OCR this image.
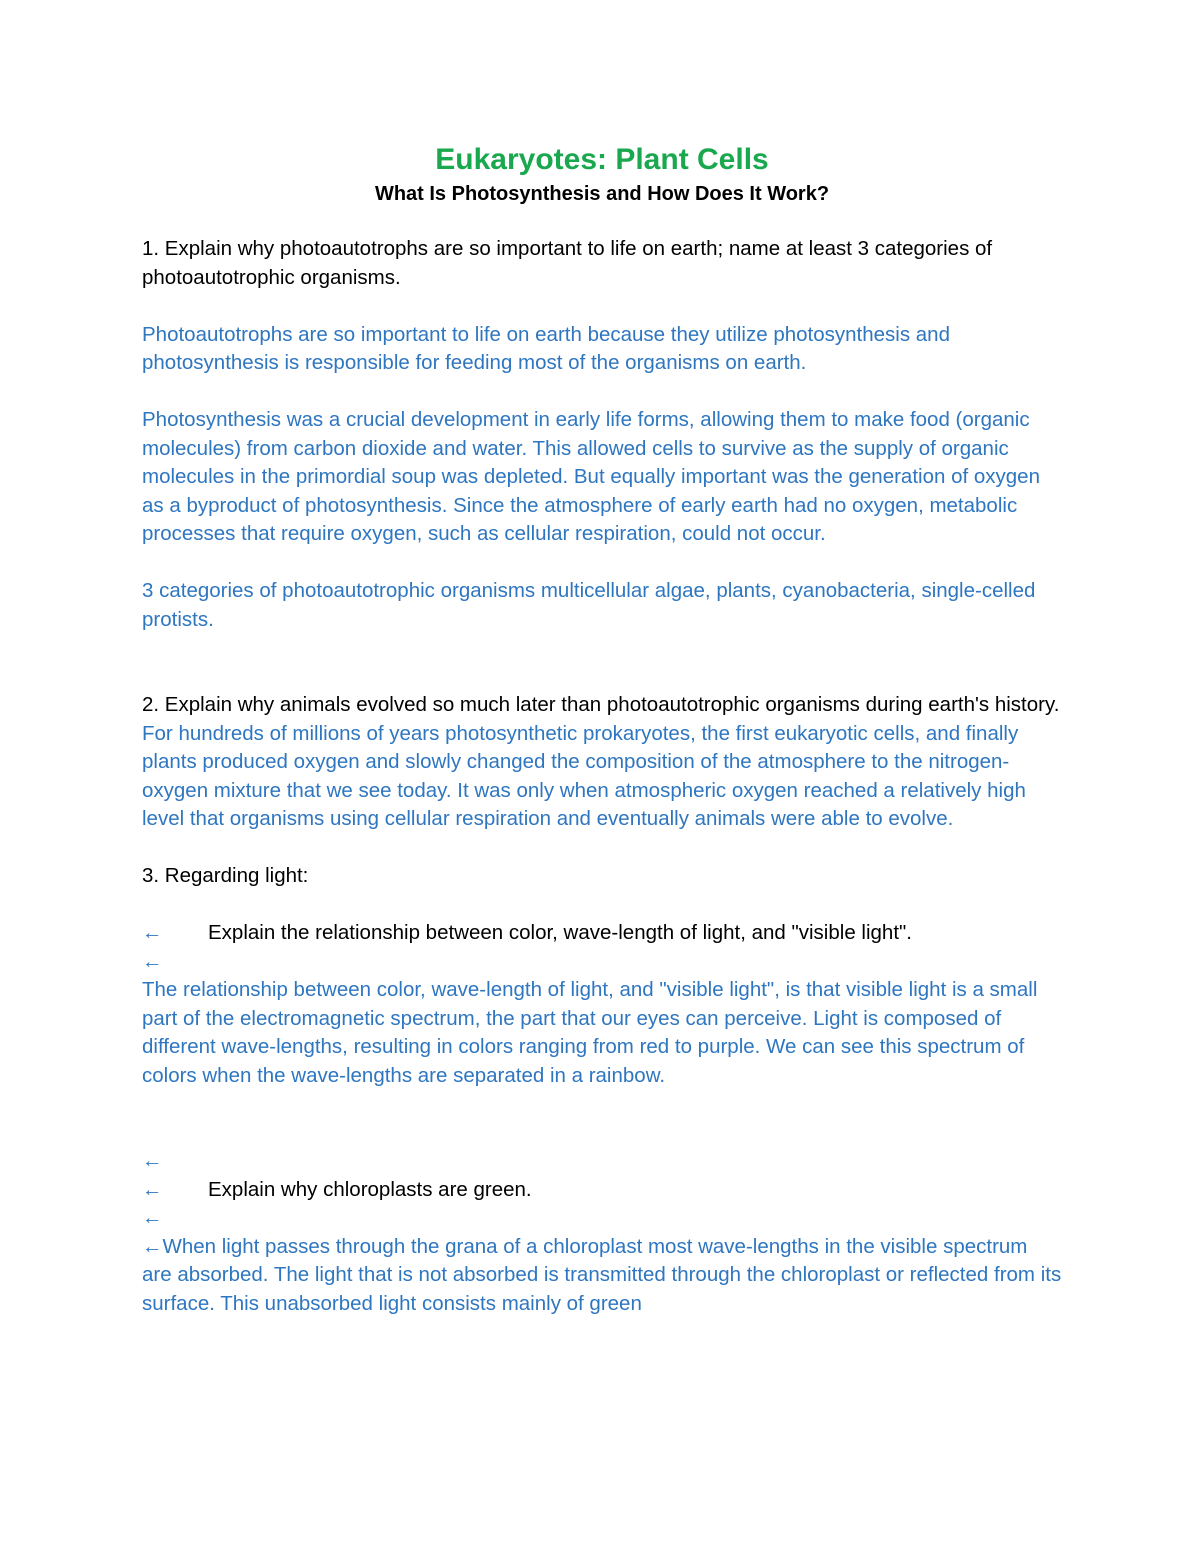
Eukaryotes: Plant Cells
What Is Photosynthesis and How Does It Work?

1. Explain why photoautotrophs are so important to life on earth; name at least 3 categories of photoautotrophic organisms.

Photoautotrophs are so important to life on earth because they utilize photosynthesis and photosynthesis is responsible for feeding most of the organisms on earth.

Photosynthesis was a crucial development in early life forms, allowing them to make food (organic molecules) from carbon dioxide and water. This allowed cells to survive as the supply of organic molecules in the primordial soup was depleted. But equally important was the generation of oxygen as a byproduct of photosynthesis. Since the atmosphere of early earth had no oxygen, metabolic processes that require oxygen, such as cellular respiration, could not occur.

3 categories of photoautotrophic organisms multicellular algae, plants, cyanobacteria, single-celled protists.

2. Explain why animals evolved so much later than photoautotrophic organisms during earth's history.

For hundreds of millions of years photosynthetic prokaryotes, the first eukaryotic cells, and finally plants produced oxygen and slowly changed the composition of the atmosphere to the nitrogen-oxygen mixture that we see today. It was only when atmospheric oxygen reached a relatively high level that organisms using cellular respiration and eventually animals were able to evolve.

3. Regarding light:

←	Explain the relationship between color, wave-length of light, and "visible light".
←

The relationship between color, wave-length of light, and "visible light", is that visible light is a small part of the electromagnetic spectrum, the part that our eyes can perceive. Light is composed of different wave-lengths, resulting in colors ranging from red to purple. We can see this spectrum of colors when the wave-lengths are separated in a rainbow.

←
←	Explain why chloroplasts are green.
←

←When light passes through the grana of a chloroplast most wave-lengths in the visible spectrum are absorbed. The light that is not absorbed is transmitted through the chloroplast or reflected from its surface. This unabsorbed light consists mainly of green
